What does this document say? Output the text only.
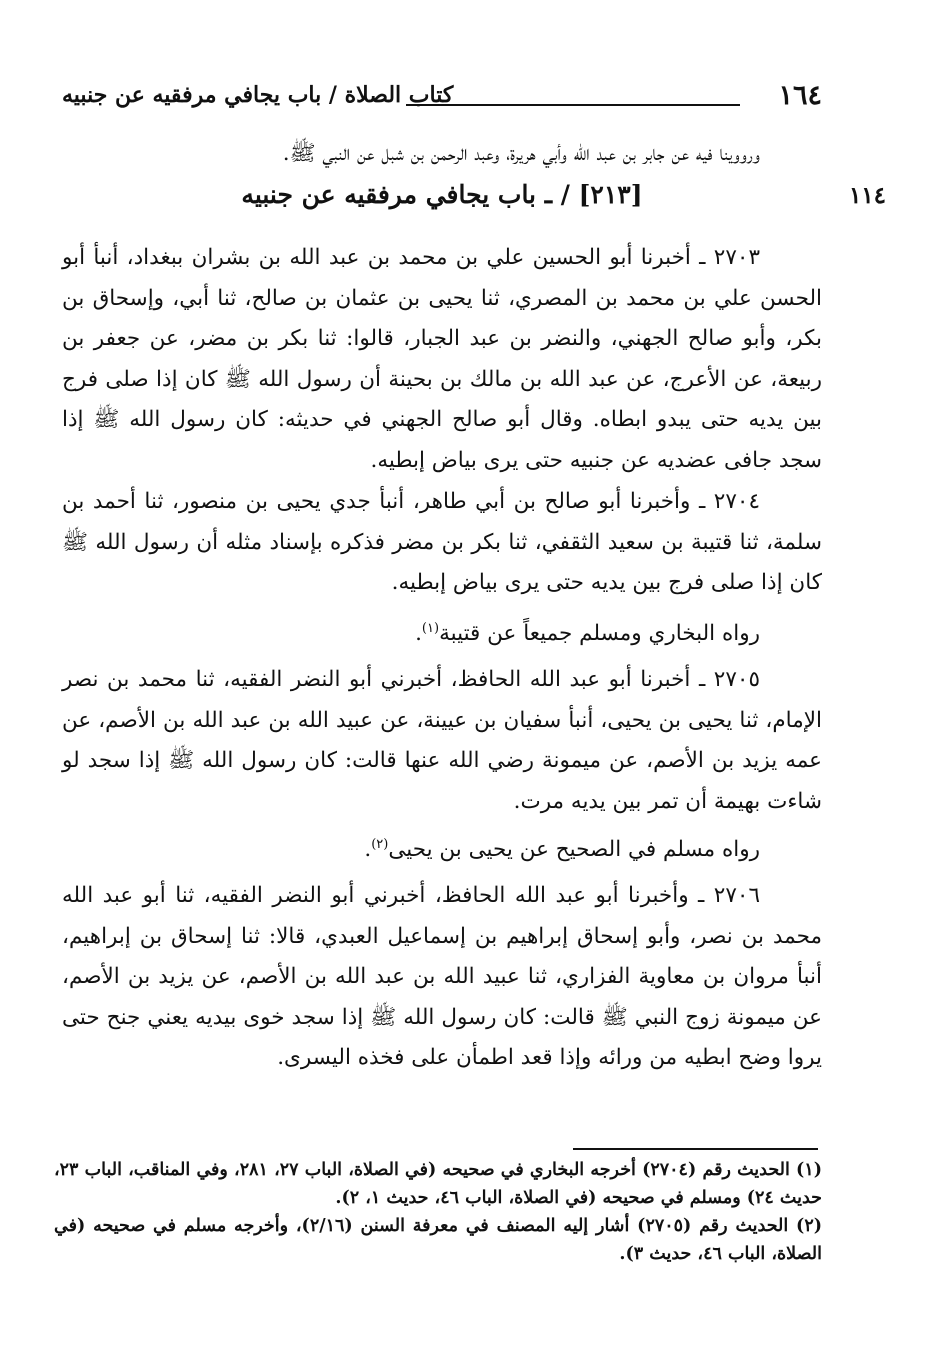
١٦٤
كتاب الصلاة / باب يجافي مرفقيه عن جنبيه
ورووينا فيه عن جابر بن عبد الله وأبي هريرة، وعبد الرحمن بن شبل عن النبي ﷺ.
١١٤
[٢١٣] / ـ باب يجافي مرفقيه عن جنبيه
٢٧٠٣ ـ أخبرنا أبو الحسين علي بن محمد بن عبد الله بن بشران ببغداد، أنبأ أبو الحسن علي بن محمد بن المصري، ثنا يحيى بن عثمان بن صالح، ثنا أبي، وإسحاق بن بكر، وأبو صالح الجهني، والنضر بن عبد الجبار، قالوا: ثنا بكر بن مضر، عن جعفر بن ربيعة، عن الأعرج، عن عبد الله بن مالك بن بحينة أن رسول الله ﷺ كان إذا صلى فرج بين يديه حتى يبدو ابطاه. وقال أبو صالح الجهني في حديثه: كان رسول الله ﷺ إذا سجد جافى عضديه عن جنبيه حتى يرى بياض إبطيه.
٢٧٠٤ ـ وأخبرنا أبو صالح بن أبي طاهر، أنبأ جدي يحيى بن منصور، ثنا أحمد بن سلمة، ثنا قتيبة بن سعيد الثقفي، ثنا بكر بن مضر فذكره بإسناد مثله أن رسول الله ﷺ كان إذا صلى فرج بين يديه حتى يرى بياض إبطيه.
رواه البخاري ومسلم جميعاً عن قتيبة$^{(١)}$.
٢٧٠٥ ـ أخبرنا أبو عبد الله الحافظ، أخبرني أبو النضر الفقيه، ثنا محمد بن نصر الإمام، ثنا يحيى بن يحيى، أنبأ سفيان بن عيينة، عن عبيد الله بن عبد الله بن الأصم، عن عمه يزيد بن الأصم، عن ميمونة رضي الله عنها قالت: كان رسول الله ﷺ إذا سجد لو شاءت بهيمة أن تمر بين يديه مرت.
رواه مسلم في الصحيح عن يحيى بن يحيى$^{(٢)}$.
٢٧٠٦ ـ وأخبرنا أبو عبد الله الحافظ، أخبرني أبو النضر الفقيه، ثنا أبو عبد الله محمد بن نصر، وأبو إسحاق إبراهيم بن إسماعيل العبدي، قالا: ثنا إسحاق بن إبراهيم، أنبأ مروان بن معاوية الفزاري، ثنا عبيد الله بن عبد الله بن الأصم، عن يزيد بن الأصم، عن ميمونة زوج النبي ﷺ قالت: كان رسول الله ﷺ إذا سجد خوى بيديه يعني جنح حتى يروا وضح ابطيه من ورائه وإذا قعد اطمأن على فخذه اليسرى.

(١) الحديث رقم (٢٧٠٤) أخرجه البخاري في صحيحه (في الصلاة، الباب ٢٧، ٢٨١، وفي المناقب، الباب ٢٣، حديث ٢٤) ومسلم في صحيحه (في الصلاة، الباب ٤٦، حديث ١، ٢).

(٢) الحديث رقم (٢٧٠٥) أشار إليه المصنف في معرفة السنن (٢/١٦)، وأخرجه مسلم في صحيحه (في الصلاة، الباب ٤٦، حديث ٣).
